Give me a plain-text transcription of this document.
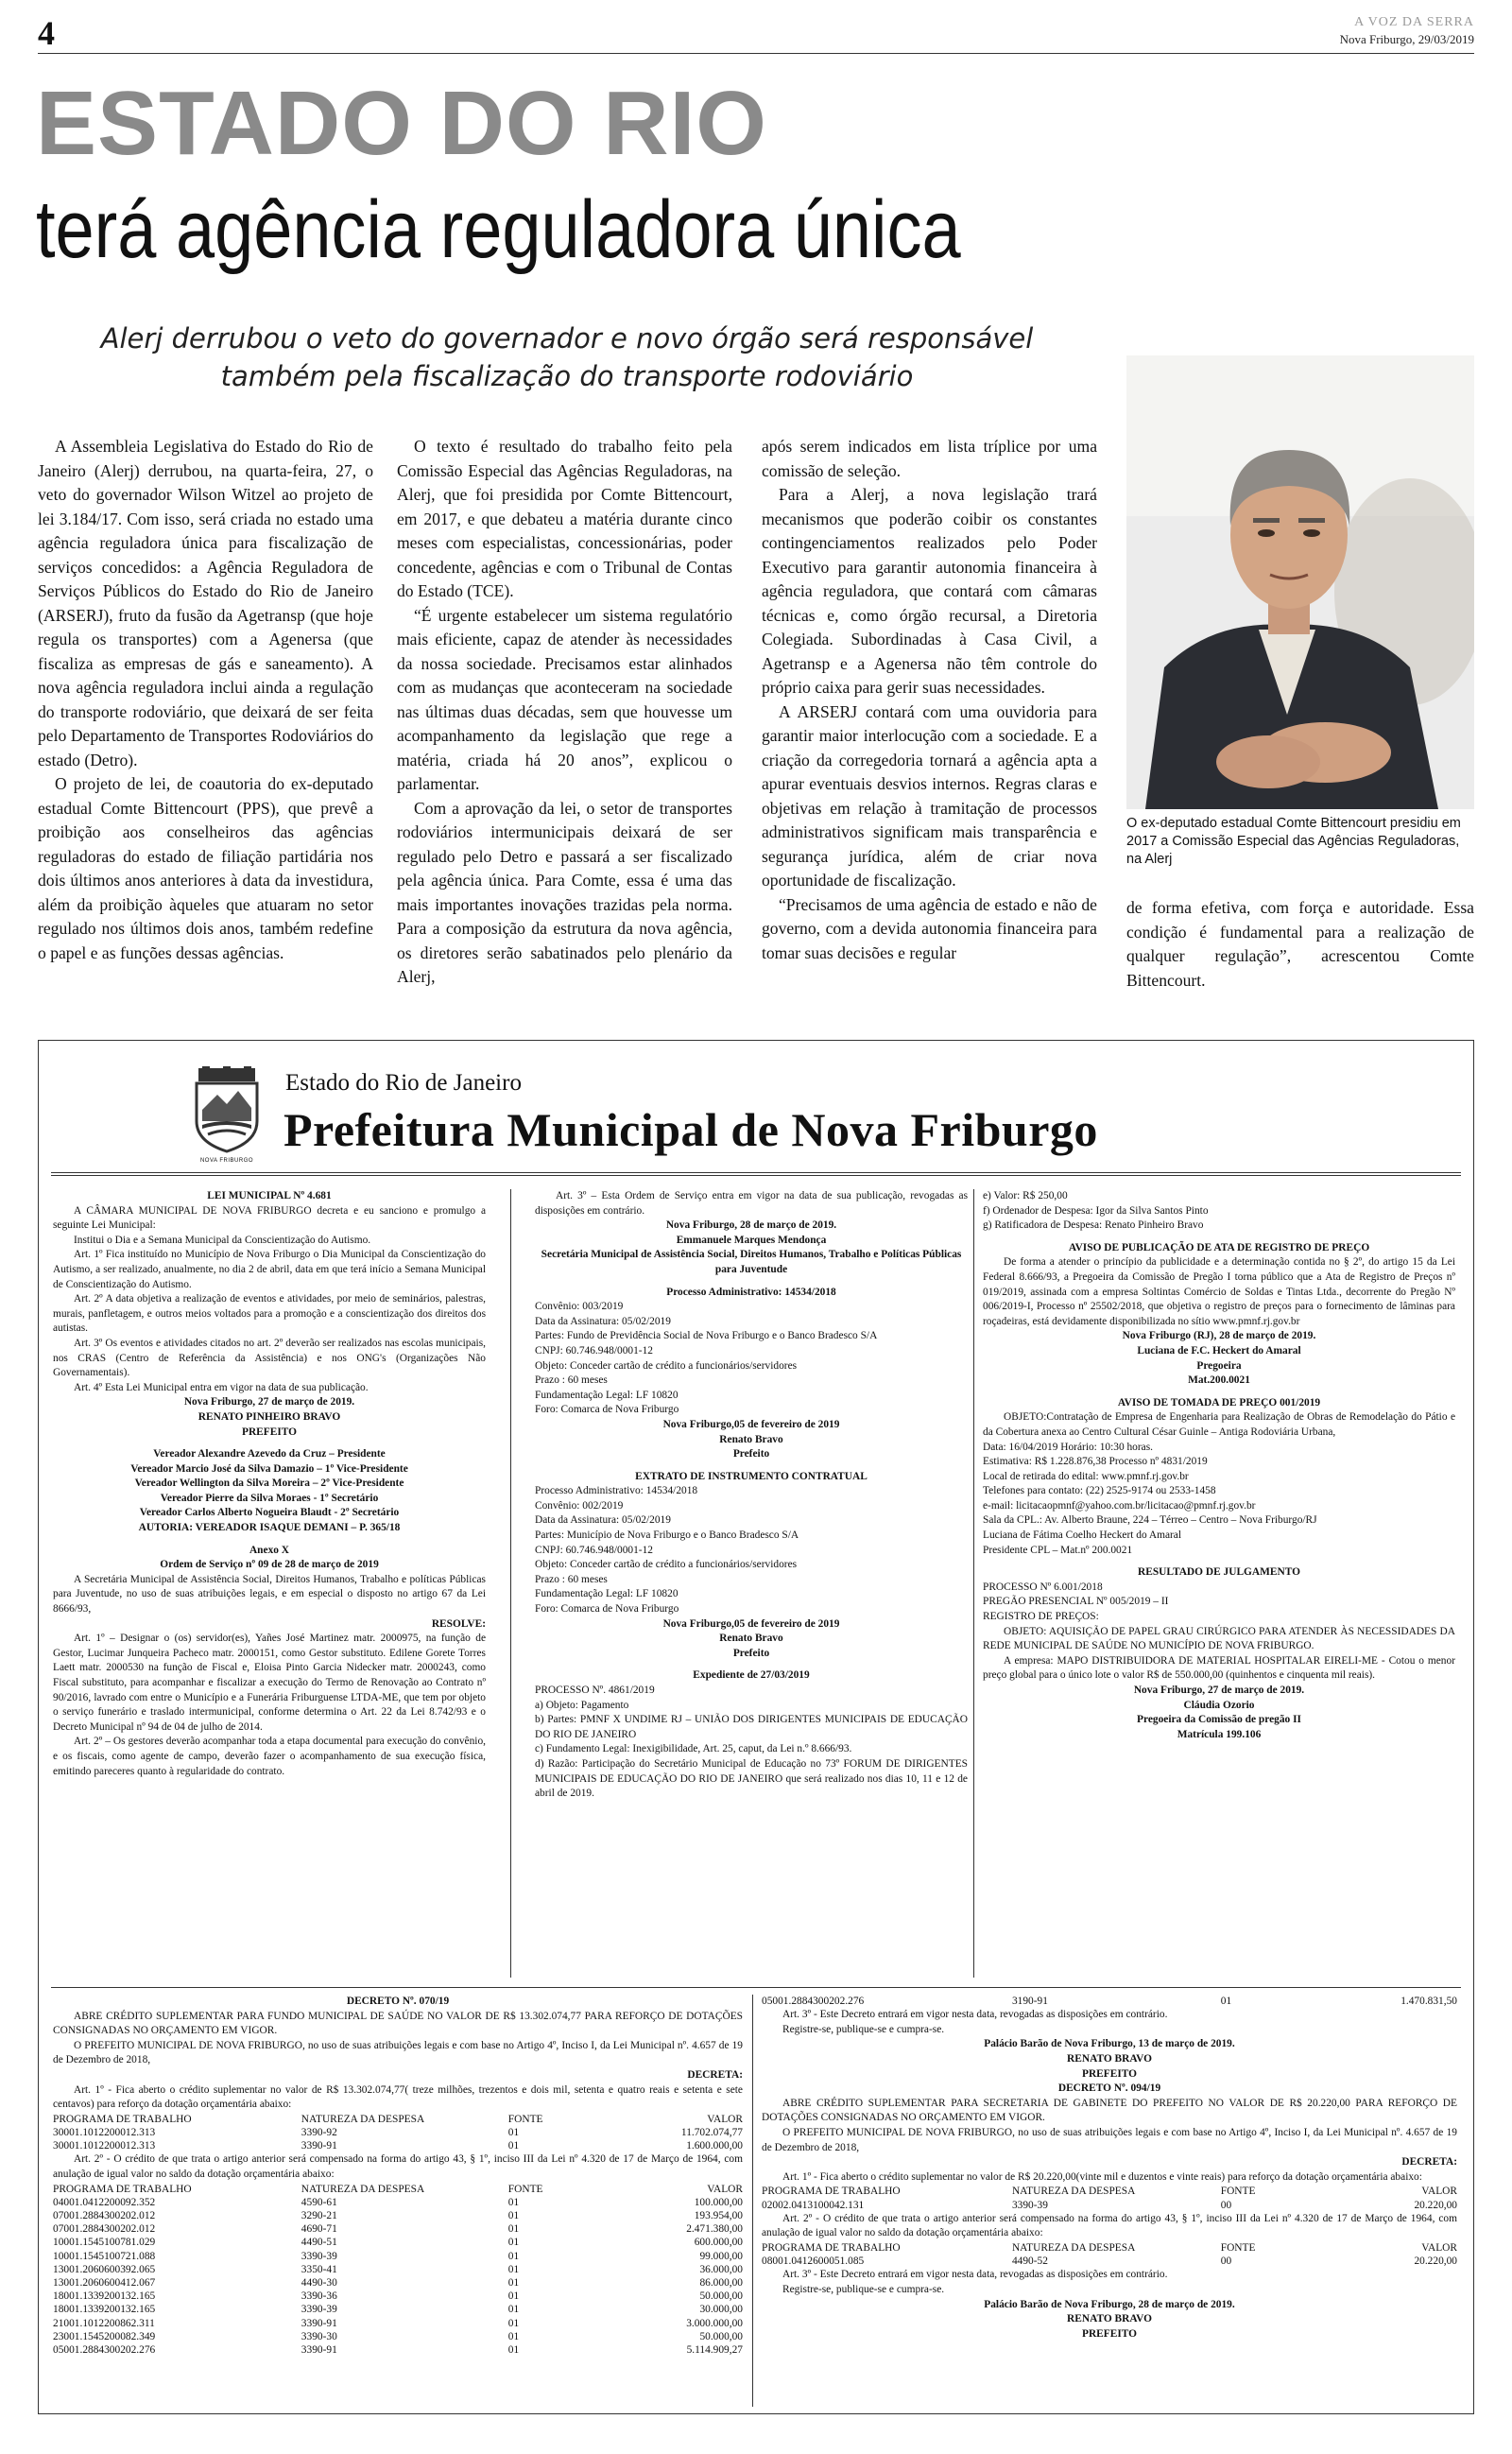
4	A VOZ DA SERRA
Nova Friburgo, 29/03/2019
ESTADO DO RIO
terá agência reguladora única
Alerj derrubou o veto do governador e novo órgão será responsável também pela fiscalização do transporte rodoviário

A Assembleia Legislativa do Estado do Rio de Janeiro (Alerj) derrubou, na quarta-feira, 27, o veto do governador Wilson Witzel ao projeto de lei 3.184/17. Com isso, será criada no estado uma agência reguladora única para fiscalização de serviços concedidos: a Agência Reguladora de Serviços Públicos do Estado do Rio de Janeiro (ARSERJ), fruto da fusão da Agetransp (que hoje regula os transportes) com a Agenersa (que fiscaliza as empresas de gás e saneamento). A nova agência reguladora inclui ainda a regulação do transporte rodoviário, que deixará de ser feita pelo Departamento de Transportes Rodoviários do estado (Detro).

O projeto de lei, de coautoria do ex-deputado estadual Comte Bittencourt (PPS), que prevê a proibição aos conselheiros das agências reguladoras do estado de filiação partidária nos dois últimos anos anteriores à data da investidura, além da proibição àqueles que atuaram no setor regulado nos últimos dois anos, também redefine o papel e as funções dessas agências.

O texto é resultado do trabalho feito pela Comissão Especial das Agências Reguladoras, na Alerj, que foi presidida por Comte Bittencourt, em 2017, e que debateu a matéria durante cinco meses com especialistas, concessionárias, poder concedente, agências e com o Tribunal de Contas do Estado (TCE).

“É urgente estabelecer um sistema regulatório mais eficiente, capaz de atender às necessidades da nossa sociedade. Precisamos estar alinhados com as mudanças que aconteceram na sociedade nas últimas duas décadas, sem que houvesse um acompanhamento da legislação que rege a matéria, criada há 20 anos”, explicou o parlamentar.

Com a aprovação da lei, o setor de transportes rodoviários intermunicipais deixará de ser regulado pelo Detro e passará a ser fiscalizado pela agência única. Para Comte, essa é uma das mais importantes inovações trazidas pela norma. Para a composição da estrutura da nova agência, os diretores serão sabatinados pelo plenário da Alerj,

após serem indicados em lista tríplice por uma comissão de seleção.

Para a Alerj, a nova legislação trará mecanismos que poderão coibir os constantes contingenciamentos realizados pelo Poder Executivo para garantir autonomia financeira à agência reguladora, que contará com câmaras técnicas e, como órgão recursal, a Diretoria Colegiada. Subordinadas à Casa Civil, a Agetransp e a Agenersa não têm controle do próprio caixa para gerir suas necessidades.

A ARSERJ contará com uma ouvidoria para garantir maior interlocução com a sociedade. E a criação da corregedoria tornará a agência apta a apurar eventuais desvios internos. Regras claras e objetivas em relação à tramitação de processos administrativos significam mais transparência e segurança jurídica, além de criar nova oportunidade de fiscalização.

“Precisamos de uma agência de estado e não de governo, com a devida autonomia financeira para tomar suas decisões e regular

O ex-deputado estadual Comte Bittencourt presidiu em 2017 a Comissão Especial das Agências Reguladoras, na Alerj
de forma efetiva, com força e autoridade. Essa condição é fundamental para a realização de qualquer regulação”, acrescentou Comte Bittencourt.
NOVA FRIBURGO
Estado do Rio de Janeiro
Prefeitura Municipal de Nova Friburgo

LEI MUNICIPAL Nº 4.681

A CÂMARA MUNICIPAL DE NOVA FRIBURGO decreta e eu sanciono e promulgo a seguinte Lei Municipal:

Institui o Dia e a Semana Municipal da Conscientização do Autismo.

Art. 1º Fica instituído no Município de Nova Friburgo o Dia Municipal da Conscientização do Autismo, a ser realizado, anualmente, no dia 2 de abril, data em que terá início a Semana Municipal de Conscientização do Autismo.

Art. 2º A data objetiva a realização de eventos e atividades, por meio de seminários, palestras, murais, panfletagem, e outros meios voltados para a promoção e a conscientização dos direitos dos autistas.

Art. 3º Os eventos e atividades citados no art. 2º deverão ser realizados nas escolas municipais, nos CRAS (Centro de Referência da Assistência) e nos ONG's (Organizações Não Governamentais).

Art. 4º Esta Lei Municipal entra em vigor na data de sua publicação.

Nova Friburgo, 27 de março de 2019.

RENATO PINHEIRO BRAVO

PREFEITO

Vereador Alexandre Azevedo da Cruz – Presidente

Vereador Marcio José da Silva Damazio – 1º Vice-Presidente

Vereador Wellington da Silva Moreira – 2º Vice-Presidente

Vereador Pierre da Silva Moraes - 1º Secretário

Vereador Carlos Alberto Nogueira Blaudt - 2º Secretário

AUTORIA: VEREADOR ISAQUE DEMANI – P. 365/18

Anexo X

Ordem de Serviço nº 09 de 28 de março de 2019

A Secretária Municipal de Assistência Social, Direitos Humanos, Trabalho e políticas Públicas para Juventude, no uso de suas atribuições legais, e em especial o disposto no artigo 67 da Lei 8666/93,

RESOLVE:

Art. 1º – Designar o (os) servidor(es), Yañes José Martinez matr. 2000975, na função de Gestor, Lucimar Junqueira Pacheco matr. 2000151, como Gestor substituto. Edilene Gorete Torres Laett matr. 2000530 na função de Fiscal e, Eloisa Pinto Garcia Nidecker matr. 2000243, como Fiscal substituto, para acompanhar e fiscalizar a execução do Termo de Renovação ao Contrato nº 90/2016, lavrado com entre o Município e a Funerária Friburguense LTDA-ME, que tem por objeto o serviço funerário e traslado intermunicipal, conforme determina o Art. 22 da Lei 8.742/93 e o Decreto Municipal nº 94 de 04 de julho de 2014.

Art. 2º – Os gestores deverão acompanhar toda a etapa documental para execução do convênio, e os fiscais, como agente de campo, deverão fazer o acompanhamento de sua execução física, emitindo pareceres quanto à regularidade do contrato.

Art. 3º – Esta Ordem de Serviço entra em vigor na data de sua publicação, revogadas as disposições em contrário.

Nova Friburgo, 28 de março de 2019.

Emmanuele Marques Mendonça

Secretária Municipal de Assistência Social, Direitos Humanos, Trabalho e Políticas Públicas para Juventude

Processo Administrativo: 14534/2018

Convênio: 003/2019

Data da Assinatura: 05/02/2019

Partes: Fundo de Previdência Social de Nova Friburgo e o Banco Bradesco S/A

CNPJ: 60.746.948/0001-12

Objeto: Conceder cartão de crédito a funcionários/servidores

Prazo : 60 meses

Fundamentação Legal: LF 10820

Foro: Comarca de Nova Friburgo

Nova Friburgo,05 de fevereiro de 2019

Renato Bravo

Prefeito

EXTRATO DE INSTRUMENTO CONTRATUAL

Processo Administrativo: 14534/2018

Convênio: 002/2019

Data da Assinatura: 05/02/2019

Partes: Município de Nova Friburgo e o Banco Bradesco S/A

CNPJ: 60.746.948/0001-12

Objeto: Conceder cartão de crédito a funcionários/servidores

Prazo : 60 meses

Fundamentação Legal: LF 10820

Foro: Comarca de Nova Friburgo

Nova Friburgo,05 de fevereiro de 2019

Renato Bravo

Prefeito

Expediente de 27/03/2019

PROCESSO Nº. 4861/2019

a) Objeto: Pagamento

b) Partes: PMNF X UNDIME RJ – UNIÃO DOS DIRIGENTES MUNICIPAIS DE EDUCAÇÃO DO RIO DE JANEIRO

c) Fundamento Legal: Inexigibilidade, Art. 25, caput, da Lei n.º 8.666/93.

d) Razão: Participação do Secretário Municipal de Educação no 73º FORUM DE DIRIGENTES MUNICIPAIS DE EDUCAÇÃO DO RIO DE JANEIRO que será realizado nos dias 10, 11 e 12 de abril de 2019.

e) Valor: R$ 250,00

f) Ordenador de Despesa: Igor da Silva Santos Pinto

g) Ratificadora de Despesa: Renato Pinheiro Bravo

AVISO DE PUBLICAÇÃO DE ATA DE REGISTRO DE PREÇO

De forma a atender o princípio da publicidade e a determinação contida no § 2º, do artigo 15 da Lei Federal 8.666/93, a Pregoeira da Comissão de Pregão I torna público que a Ata de Registro de Preços nº 019/2019, assinada com a empresa Soltintas Comércio de Soldas e Tintas Ltda., decorrente do Pregão Nº 006/2019-I, Processo nº 25502/2018, que objetiva o registro de preços para o fornecimento de lâminas para roçadeiras, está devidamente disponibilizada no sítio www.pmnf.rj.gov.br

Nova Friburgo (RJ), 28 de março de 2019.

Luciana de F.C. Heckert do Amaral

Pregoeira

Mat.200.0021

AVISO DE TOMADA DE PREÇO 001/2019

OBJETO:Contratação de Empresa de Engenharia para Realização de Obras de Remodelação do Pátio e da Cobertura anexa ao Centro Cultural César Guinle – Antiga Rodoviária Urbana,

Data: 16/04/2019 Horário: 10:30 horas.

Estimativa: R$ 1.228.876,38 Processo nº 4831/2019

Local de retirada do edital: www.pmnf.rj.gov.br

Telefones para contato: (22) 2525-9174 ou 2533-1458

e-mail: licitacaopmnf@yahoo.com.br/licitacao@pmnf.rj.gov.br

Sala da CPL.: Av. Alberto Braune, 224 – Térreo – Centro – Nova Friburgo/RJ

Luciana de Fátima Coelho Heckert do Amaral

Presidente CPL – Mat.nº 200.0021

RESULTADO DE JULGAMENTO

PROCESSO Nº 6.001/2018

PREGÃO PRESENCIAL Nº 005/2019 – II

REGISTRO DE PREÇOS:

OBJETO: AQUISIÇÃO DE PAPEL GRAU CIRÚRGICO PARA ATENDER ÀS NECESSIDADES DA REDE MUNICIPAL DE SAÚDE NO MUNICÍPIO DE NOVA FRIBURGO.

A empresa: MAPO DISTRIBUIDORA DE MATERIAL HOSPITALAR EIRELI-ME - Cotou o menor preço global para o único lote o valor R$ de 550.000,00 (quinhentos e cinquenta mil reais).

Nova Friburgo, 27 de março de 2019.

Cláudia Ozorio

Pregoeira da Comissão de pregão II

Matrícula 199.106

DECRETO Nº. 070/19

ABRE CRÉDITO SUPLEMENTAR PARA FUNDO MUNICIPAL DE SAÚDE NO VALOR DE R$ 13.302.074,77 PARA REFORÇO DE DOTAÇÕES CONSIGNADAS NO ORÇAMENTO EM VIGOR.

O PREFEITO MUNICIPAL DE NOVA FRIBURGO, no uso de suas atribuições legais e com base no Artigo 4º, Inciso I, da Lei Municipal nº. 4.657 de 19 de Dezembro de 2018,

DECRETA:

Art. 1º - Fica aberto o crédito suplementar no valor de R$ 13.302.074,77( treze milhões, trezentos e dois mil, setenta e quatro reais e setenta e sete centavos) para reforço da dotação orçamentária abaixo:

PROGRAMA DE TRABALHO	NATUREZA DA DESPESA	FONTE	VALOR
30001.1012200012.313	3390-92	01	11.702.074,77
30001.1012200012.313	3390-91	01	1.600.000,00

Art. 2º - O crédito de que trata o artigo anterior será compensado na forma do artigo 43, § 1º, inciso III da Lei nº 4.320 de 17 de Março de 1964, com anulação de igual valor no saldo da dotação orçamentária abaixo:

PROGRAMA DE TRABALHO	NATUREZA DA DESPESA	FONTE	VALOR
04001.0412200092.352	4590-61	01	100.000,00
07001.2884300202.012	3290-21	01	193.954,00
07001.2884300202.012	4690-71	01	2.471.380,00
10001.1545100781.029	4490-51	01	600.000,00
10001.1545100721.088	3390-39	01	99.000,00
13001.2060600392.065	3350-41	01	36.000,00
13001.2060600412.067	4490-30	01	86.000,00
18001.1339200132.165	3390-36	01	50.000,00
18001.1339200132.165	3390-39	01	30.000,00
21001.1012200862.311	3390-91	01	3.000.000,00
23001.1545200082.349	3390-30	01	50.000,00
05001.2884300202.276	3390-91	01	5.114.909,27
05001.2884300202.276	3190-91	01	1.470.831,50

Art. 3º - Este Decreto entrará em vigor nesta data, revogadas as disposições em contrário.

Registre-se, publique-se e cumpra-se.

Palácio Barão de Nova Friburgo, 13 de março de 2019.

RENATO BRAVO

PREFEITO

DECRETO Nº. 094/19

ABRE CRÉDITO SUPLEMENTAR PARA SECRETARIA DE GABINETE DO PREFEITO NO VALOR DE R$ 20.220,00 PARA REFORÇO DE DOTAÇÕES CONSIGNADAS NO ORÇAMENTO EM VIGOR.

O PREFEITO MUNICIPAL DE NOVA FRIBURGO, no uso de suas atribuições legais e com base no Artigo 4º, Inciso I, da Lei Municipal nº. 4.657 de 19 de Dezembro de 2018,

DECRETA:

Art. 1º - Fica aberto o crédito suplementar no valor de R$ 20.220,00(vinte mil e duzentos e vinte reais) para reforço da dotação orçamentária abaixo:

PROGRAMA DE TRABALHO	NATUREZA DA DESPESA	FONTE	VALOR
02002.0413100042.131	3390-39	00	20.220,00

Art. 2º - O crédito de que trata o artigo anterior será compensado na forma do artigo 43, § 1º, inciso III da Lei nº 4.320 de 17 de Março de 1964, com anulação de igual valor no saldo da dotação orçamentária abaixo:

PROGRAMA DE TRABALHO	NATUREZA DA DESPESA	FONTE	VALOR
08001.0412600051.085	4490-52	00	20.220,00

Art. 3º - Este Decreto entrará em vigor nesta data, revogadas as disposições em contrário.

Registre-se, publique-se e cumpra-se.

Palácio Barão de Nova Friburgo, 28 de março de 2019.

RENATO BRAVO

PREFEITO
